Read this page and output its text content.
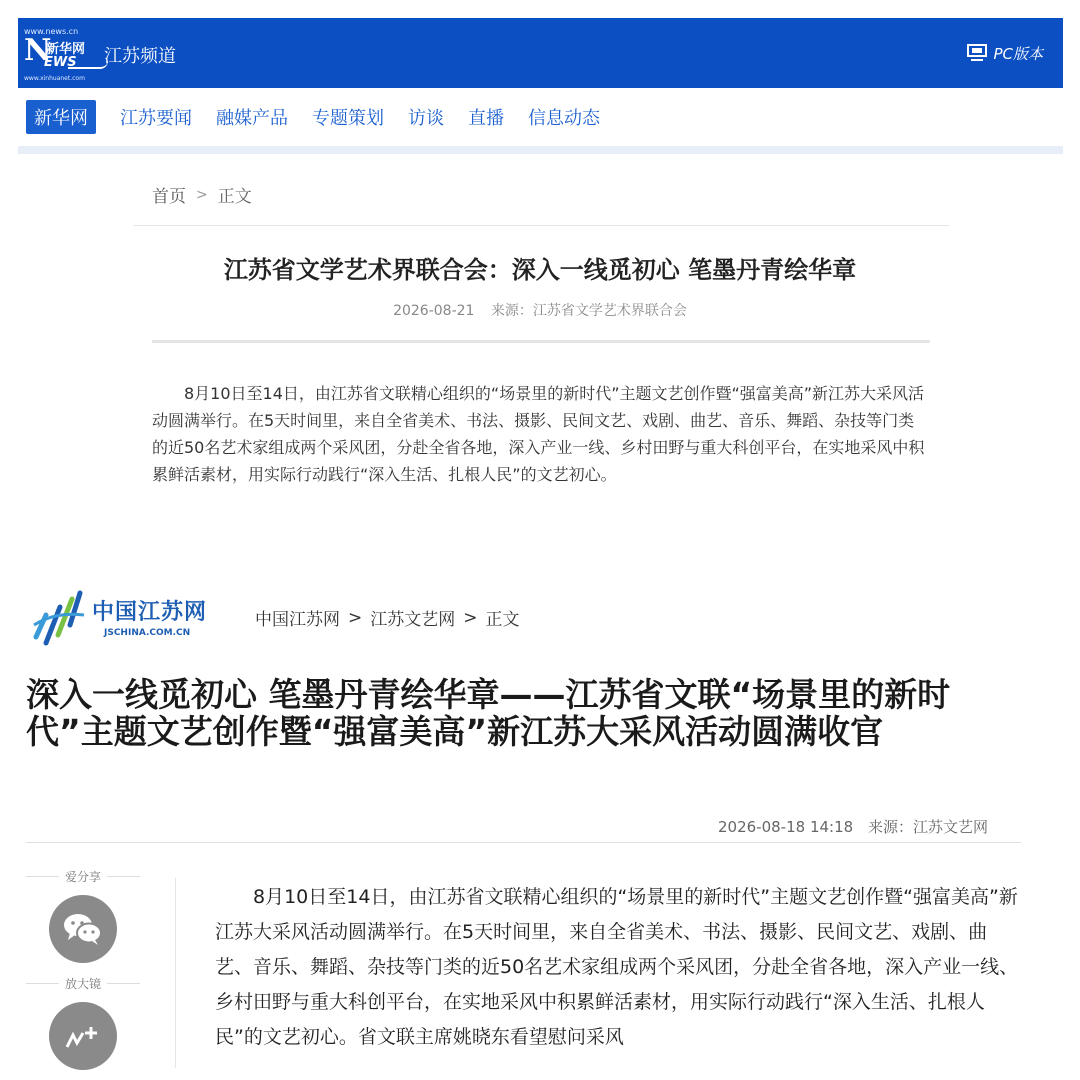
www.news.cn
N
新华网
EWS
www.xinhuanet.com
江苏频道	PC版本
新华网	江苏要闻 融媒产品 专题策划 访谈 直播 信息动态
首页 > 正文
江苏省文学艺术界联合会：深入一线觅初心 笔墨丹青绘华章
2026-08-21 来源：江苏省文学艺术界联合会

8月10日至14日，由江苏省文联精心组织的“场景里的新时代”主题文艺创作暨“强富美高”新江苏大采风活动圆满举行。在5天时间里，来自全省美术、书法、摄影、民间文艺、戏剧、曲艺、音乐、舞蹈、杂技等门类的近50名艺术家组成两个采风团，分赴全省各地，深入产业一线、乡村田野与重大科创平台，在实地采风中积累鲜活素材，用实际行动践行“深入生活、扎根人民”的文艺初心。

中国江苏网
JSCHINA.COM.CN
中国江苏网 > 江苏文艺网 > 正文
深入一线觅初心 笔墨丹青绘华章——江苏省文联“场景里的新时代”主题文艺创作暨“强富美高”新江苏大采风活动圆满收官
2026-08-18 14:18 来源：江苏文艺网
爱分享
放大镜

8月10日至14日，由江苏省文联精心组织的“场景里的新时代”主题文艺创作暨“强富美高”新江苏大采风活动圆满举行。在5天时间里，来自全省美术、书法、摄影、民间文艺、戏剧、曲艺、音乐、舞蹈、杂技等门类的近50名艺术家组成两个采风团，分赴全省各地，深入产业一线、乡村田野与重大科创平台，在实地采风中积累鲜活素材，用实际行动践行“深入生活、扎根人民”的文艺初心。省文联主席姚晓东看望慰问采风
